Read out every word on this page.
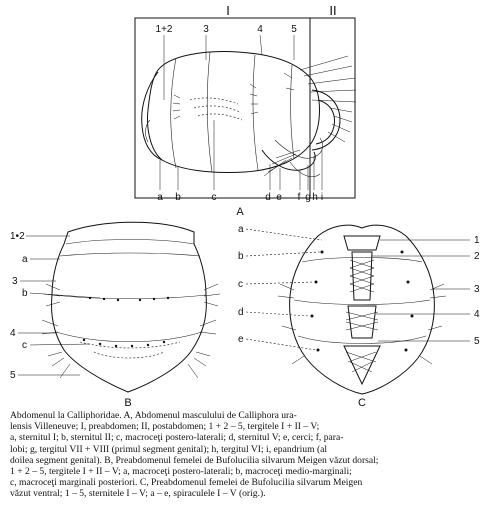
I	II
1+2	3	4	5
a b	c	d e f g h i
A
1•2
a
3
b
4
c
5
B
a
b
c
d
e
1
2
3
4
5
C

Abdomenul la Calliphoridae. A, Abdomenul masculului de Calliphora ura-

lensis Villeneuve; I, preabdomen; II, postabdomen; 1 + 2 – 5, tergitele I + II – V;

a, sternitul I; b, sternitul II; c, macroceţi postero-laterali; d, sternitul V; e, cerci; f, para-

lobi; g, tergitul VII + VIII (primul segment genital); h, tergitul VI; i, epandrium (al

doilea segment genital). B, Preabdomenul femelei de Bufolucilia silvarum Meigen văzut dorsal;

1 + 2 – 5, tergitele I + II – V; a, macroceţi postero-laterali; b, macroceţi medio-marginali;

c, macroceţi marginali posteriori. C, Preabdomenul femelei de Bufolucilia silvarum Meigen

văzut ventral; 1 – 5, sternitele I – V; a – e, spiraculele I – V (orig.).
